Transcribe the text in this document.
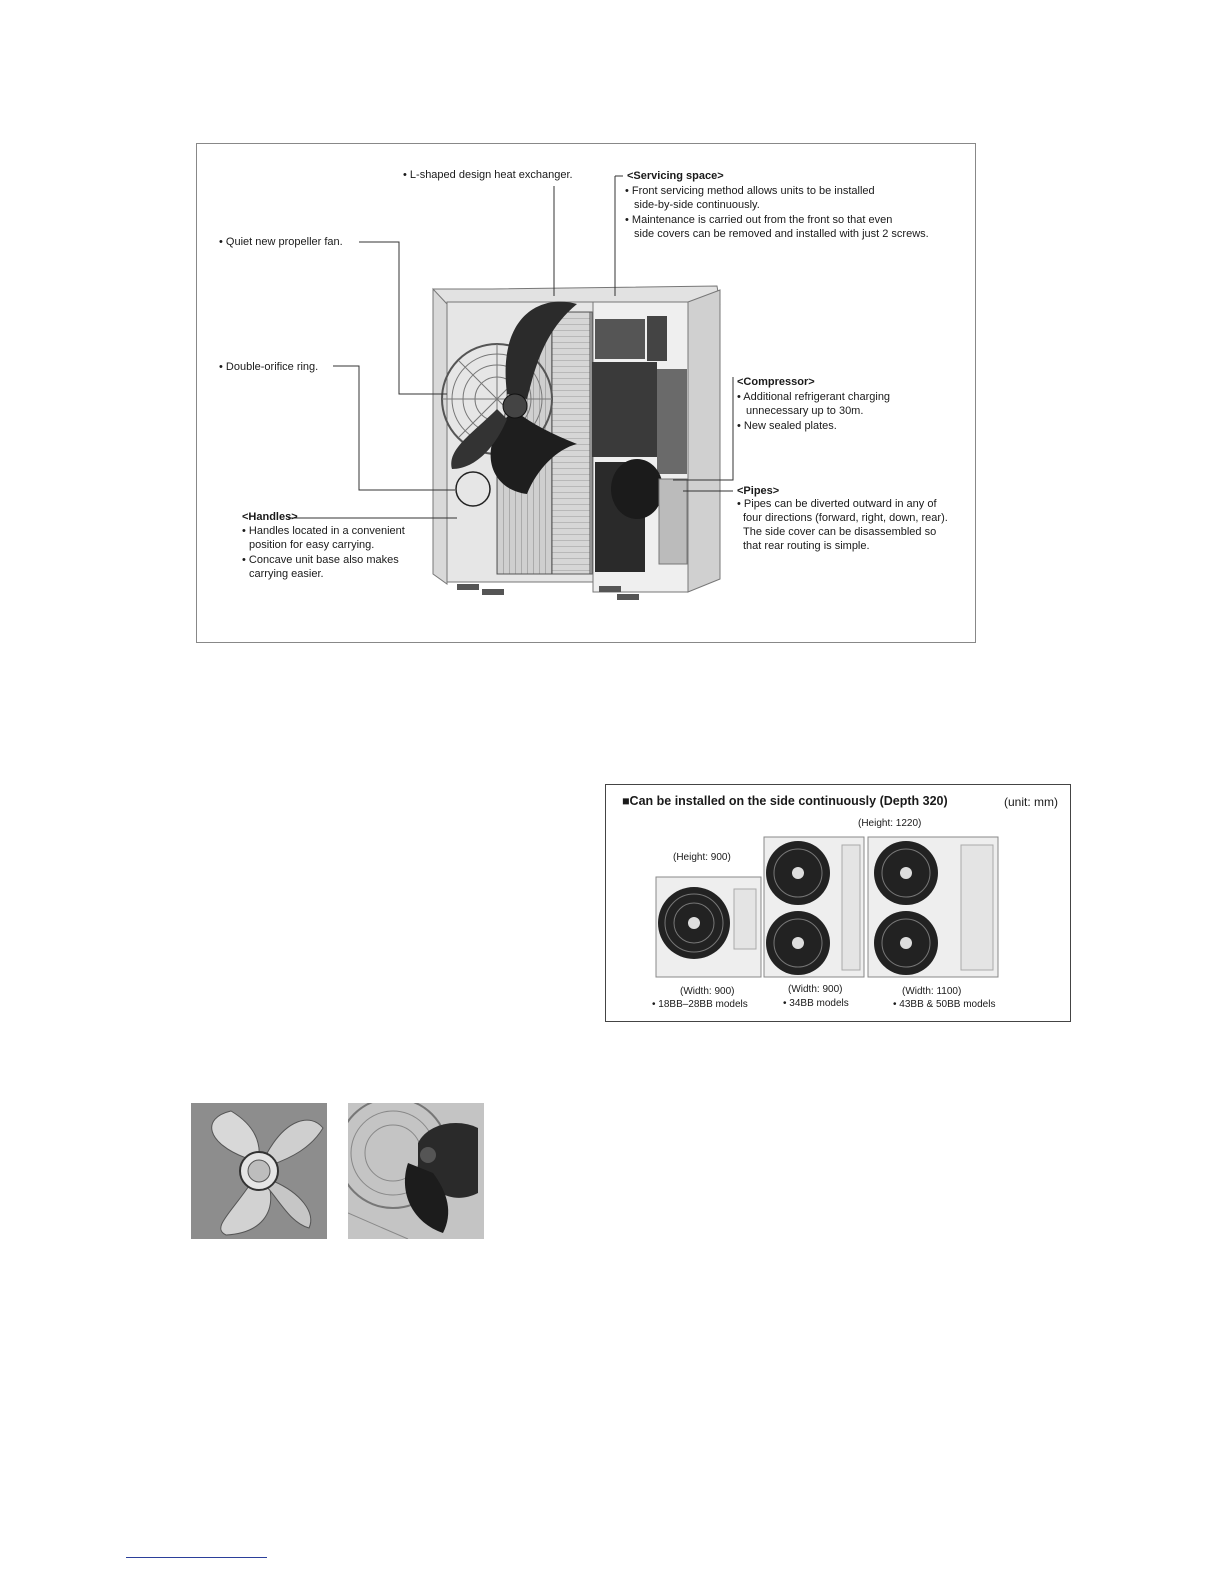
• L-shaped design heat exchanger.
• Quiet new propeller fan.
• Double-orifice ring.
<Servicing space>
• Front servicing method allows units to be installed
side-by-side continuously.
• Maintenance is carried out from the front so that even
side covers can be removed and installed with just 2 screws.
<Compressor>
• Additional refrigerant charging
unnecessary up to 30m.
• New sealed plates.
<Pipes>
• Pipes can be diverted outward in any of
four directions (forward, right, down, rear).
The side cover can be disassembled so
that rear routing is simple.
<Handles>
• Handles located in a convenient
position for easy carrying.
• Concave unit base also makes
carrying easier.
■Can be installed on the side continuously (Depth 320)	(unit: mm)
(Height: 1220)
(Height: 900)
(Width: 900)
• 18BB–28BB models
(Width: 900)
• 34BB models
(Width: 1100)
• 43BB & 50BB models
